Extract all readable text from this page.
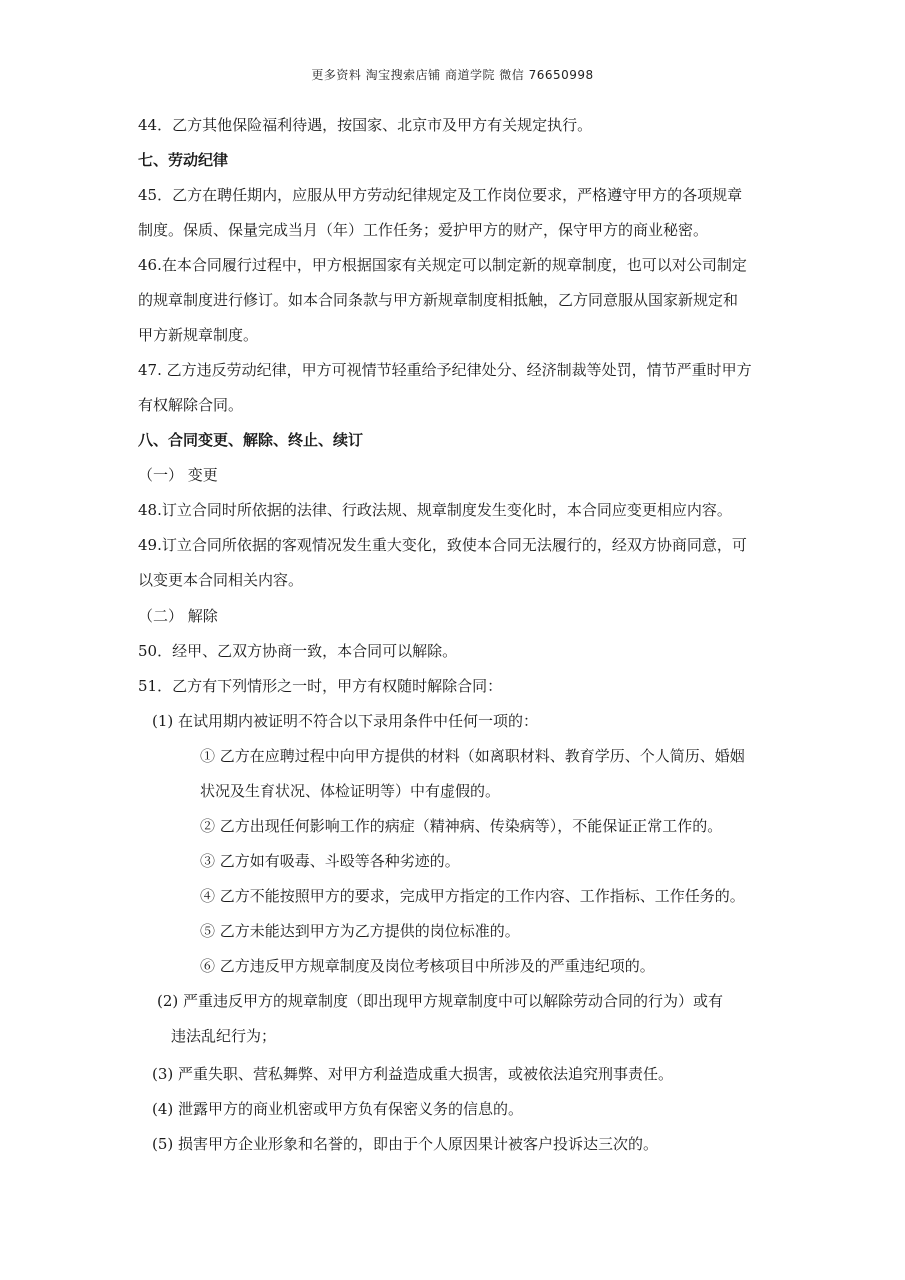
更多资料 淘宝搜索店铺 商道学院 微信 76650998
44．乙方其他保险福利待遇，按国家、北京市及甲方有关规定执行。
七、劳动纪律
45．乙方在聘任期内，应服从甲方劳动纪律规定及工作岗位要求，严格遵守甲方的各项规章
制度。保质、保量完成当月（年）工作任务；爱护甲方的财产，保守甲方的商业秘密。
46.在本合同履行过程中，甲方根据国家有关规定可以制定新的规章制度，也可以对公司制定
的规章制度进行修订。如本合同条款与甲方新规章制度相抵触，乙方同意服从国家新规定和
甲方新规章制度。
47. 乙方违反劳动纪律，甲方可视情节轻重给予纪律处分、经济制裁等处罚，情节严重时甲方
有权解除合同。
八、合同变更、解除、终止、续订
（一） 变更
48.订立合同时所依据的法律、行政法规、规章制度发生变化时，本合同应变更相应内容。
49.订立合同所依据的客观情况发生重大变化，致使本合同无法履行的，经双方协商同意，可
以变更本合同相关内容。
（二） 解除
50．经甲、乙双方协商一致，本合同可以解除。
51．乙方有下列情形之一时，甲方有权随时解除合同：
(1) 在试用期内被证明不符合以下录用条件中任何一项的：
① 乙方在应聘过程中向甲方提供的材料（如离职材料、教育学历、个人简历、婚姻
状况及生育状况、体检证明等）中有虚假的。
② 乙方出现任何影响工作的病症（精神病、传染病等），不能保证正常工作的。
③ 乙方如有吸毒、斗殴等各种劣迹的。
④ 乙方不能按照甲方的要求，完成甲方指定的工作内容、工作指标、工作任务的。
⑤ 乙方未能达到甲方为乙方提供的岗位标准的。
⑥ 乙方违反甲方规章制度及岗位考核项目中所涉及的严重违纪项的。
(2) 严重违反甲方的规章制度（即出现甲方规章制度中可以解除劳动合同的行为）或有
违法乱纪行为；
(3) 严重失职、营私舞弊、对甲方利益造成重大损害，或被依法追究刑事责任。
(4) 泄露甲方的商业机密或甲方负有保密义务的信息的。
(5) 损害甲方企业形象和名誉的，即由于个人原因果计被客户投诉达三次的。
